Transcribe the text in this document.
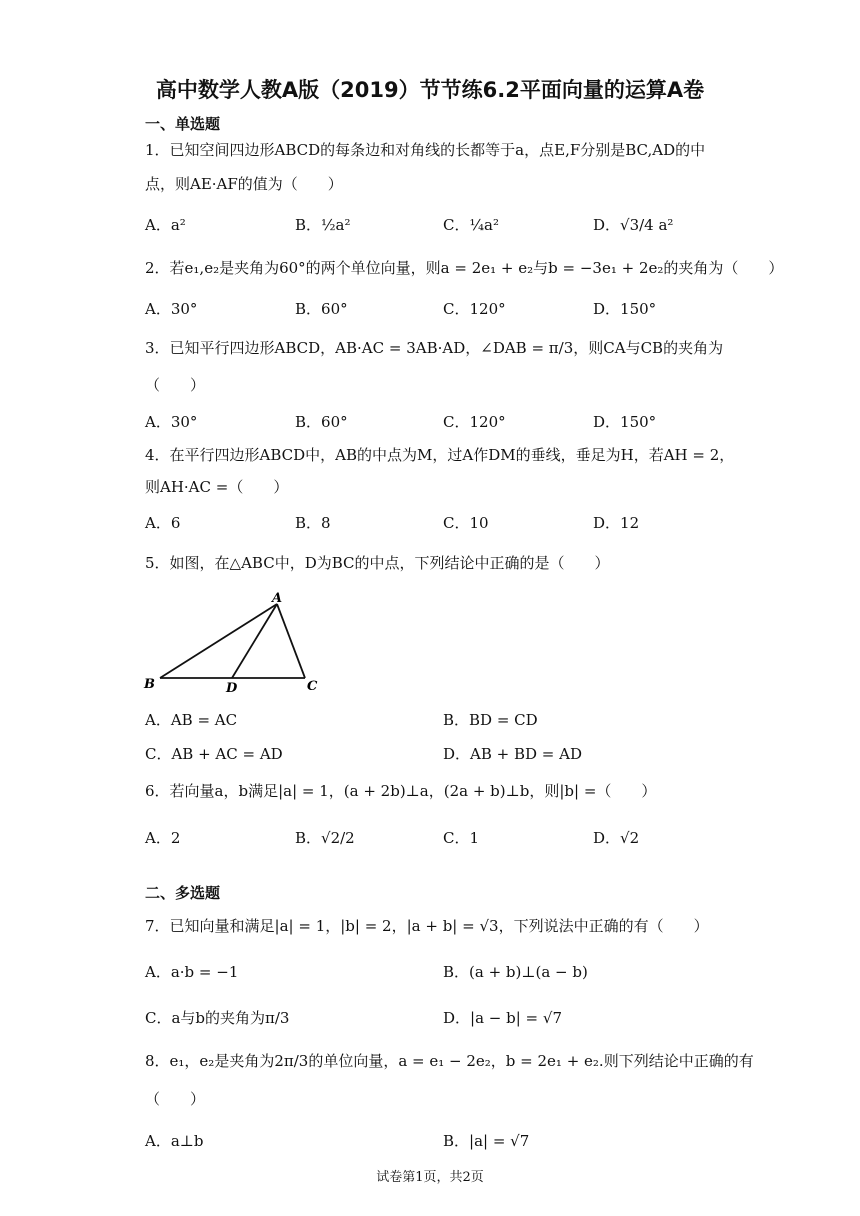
高中数学人教A版（2019）节节练6.2平面向量的运算A卷
一、单选题
1．已知空间四边形ABCD的每条边和对角线的长都等于a，点E,F分别是BC,AD的中
点，则AE·AF的值为（　　）
A．a²	B．½a²	C．¼a²	D．√3/4 a²
2．若e₁,e₂是夹角为60°的两个单位向量，则a = 2e₁ + e₂与b = −3e₁ + 2e₂的夹角为（　　）
A．30°	B．60°	C．120°	D．150°
3．已知平行四边形ABCD，AB·AC = 3AB·AD，∠DAB = π/3，则CA与CB的夹角为
（　　）
A．30°	B．60°	C．120°	D．150°
4．在平行四边形ABCD中，AB的中点为M，过A作DM的垂线，垂足为H，若AH = 2，
则AH·AC =（　　）
A．6	B．8	C．10	D．12
5．如图，在△ABC中，D为BC的中点，下列结论中正确的是（　　）
A
B	D	C
A．AB = AC	B．BD = CD
C．AB + AC = AD	D．AB + BD = AD
6．若向量a，b满足|a| = 1，(a + 2b)⊥a，(2a + b)⊥b，则|b| =（　　）
A．2	B．√2/2	C．1	D．√2
二、多选题
7．已知向量和满足|a| = 1，|b| = 2，|a + b| = √3，下列说法中正确的有（　　）
A．a·b = −1	B．(a + b)⊥(a − b)
C．a与b的夹角为π/3	D．|a − b| = √7
8．e₁，e₂是夹角为2π/3的单位向量，a = e₁ − 2e₂，b = 2e₁ + e₂.则下列结论中正确的有
（　　）
A．a⊥b	B．|a| = √7
试卷第1页，共2页
